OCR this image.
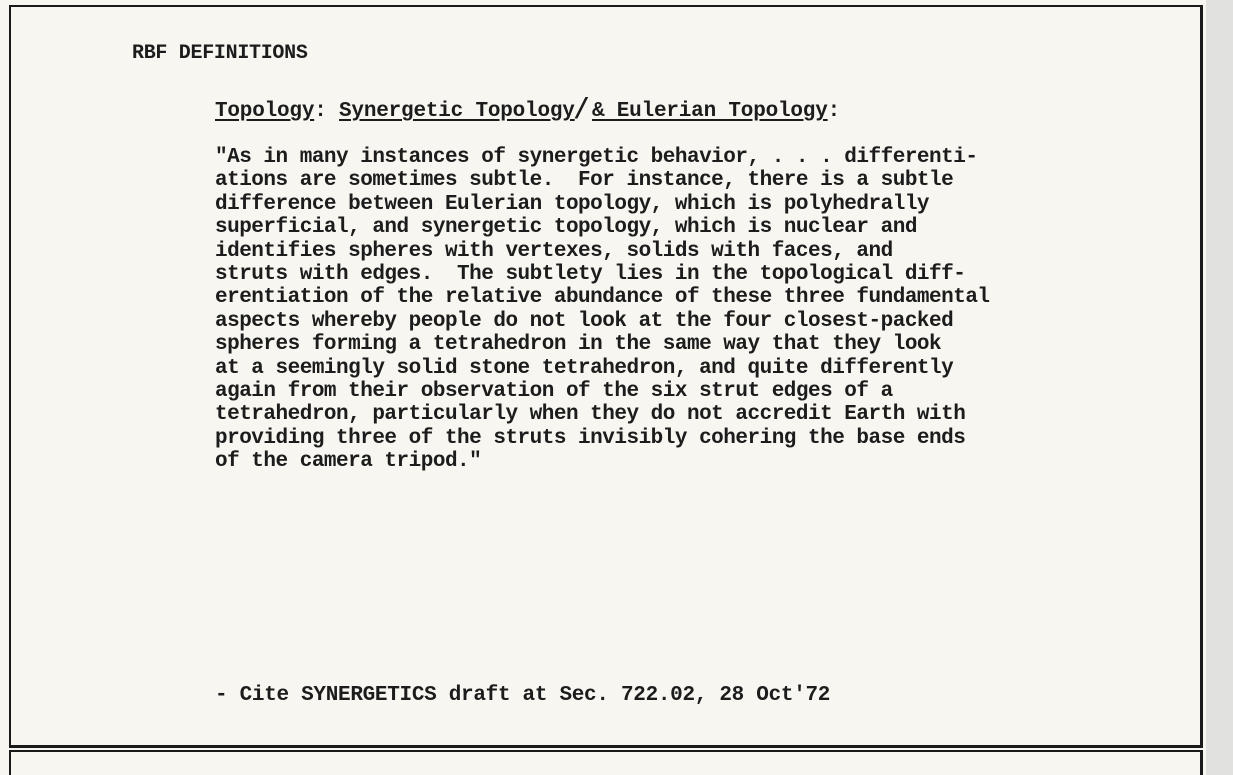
RBF DEFINITIONS
Topology: Synergetic Topology/ & Eulerian Topology:
"As in many instances of synergetic behavior, . . . differenti-
ations are sometimes subtle.  For instance, there is a subtle
difference between Eulerian topology, which is polyhedrally
superficial, and synergetic topology, which is nuclear and
identifies spheres with vertexes, solids with faces, and
struts with edges.  The subtlety lies in the topological diff-
erentiation of the relative abundance of these three fundamental
aspects whereby people do not look at the four closest-packed
spheres forming a tetrahedron in the same way that they look
at a seemingly solid stone tetrahedron, and quite differently
again from their observation of the six strut edges of a
tetrahedron, particularly when they do not accredit Earth with
providing three of the struts invisibly cohering the base ends
of the camera tripod."
- Cite SYNERGETICS draft at Sec. 722.02, 28 Oct'72
